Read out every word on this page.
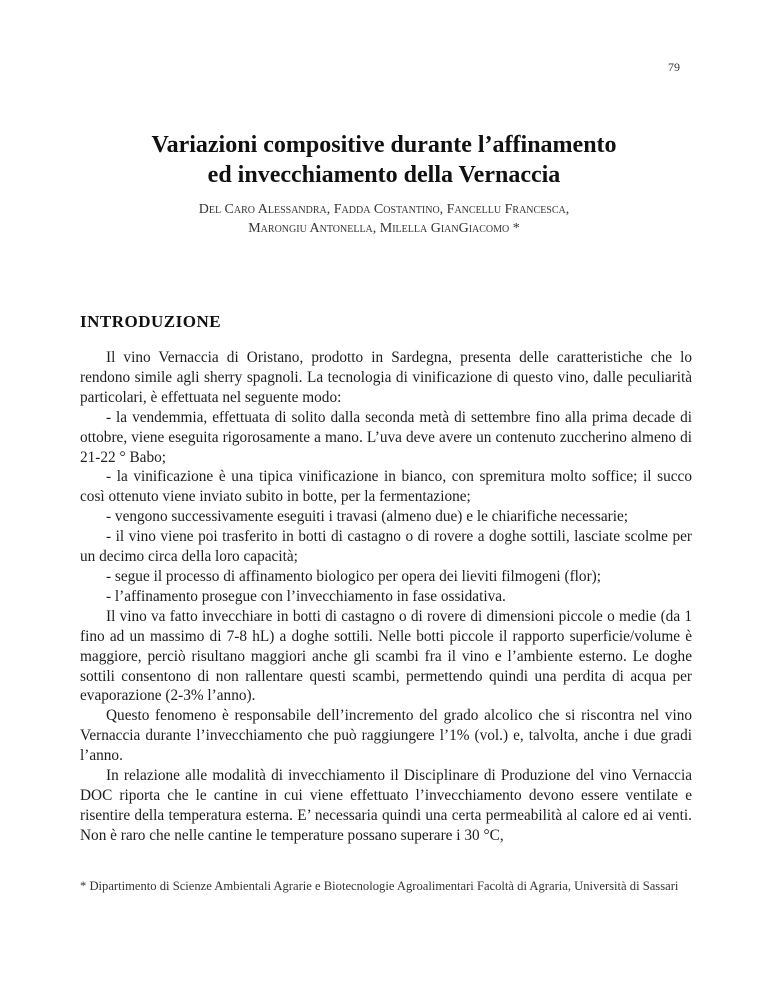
79
Variazioni compositive durante l’affinamento
ed invecchiamento della Vernaccia
Del Caro Alessandra, Fadda Costantino, Fancellu Francesca,
Marongiu Antonella, Milella GianGiacomo *
INTRODUZIONE

Il vino Vernaccia di Oristano, prodotto in Sardegna, presenta delle caratteristiche che lo rendono simile agli sherry spagnoli. La tecnologia di vinificazione di questo vino, dalle peculiarità particolari, è effettuata nel seguente modo:

- la vendemmia, effettuata di solito dalla seconda metà di settembre fino alla prima decade di ottobre, viene eseguita rigorosamente a mano. L’uva deve avere un contenuto zuccherino almeno di 21-22 ° Babo;

- la vinificazione è una tipica vinificazione in bianco, con spremitura molto soffice; il succo così ottenuto viene inviato subito in botte, per la fermentazione;

- vengono successivamente eseguiti i travasi (almeno due) e le chiarifiche necessarie;

- il vino viene poi trasferito in botti di castagno o di rovere a doghe sottili, lasciate scolme per un decimo circa della loro capacità;

- segue il processo di affinamento biologico per opera dei lieviti filmogeni (flor);

- l’affinamento prosegue con l’invecchiamento in fase ossidativa.

Il vino va fatto invecchiare in botti di castagno o di rovere di dimensioni piccole o medie (da 1 fino ad un massimo di 7-8 hL) a doghe sottili. Nelle botti piccole il rapporto superficie/volume è maggiore, perciò risultano maggiori anche gli scambi fra il vino e l’ambiente esterno. Le doghe sottili consentono di non rallentare questi scambi, permettendo quindi una perdita di acqua per evaporazione (2-3% l’anno).

Questo fenomeno è responsabile dell’incremento del grado alcolico che si riscontra nel vino Vernaccia durante l’invecchiamento che può raggiungere l’1% (vol.) e, talvolta, anche i due gradi l’anno.

In relazione alle modalità di invecchiamento il Disciplinare di Produzione del vino Vernaccia DOC riporta che le cantine in cui viene effettuato l’invecchiamento devono essere ventilate e risentire della temperatura esterna. E’ necessaria quindi una certa permeabilità al calore ed ai venti. Non è raro che nelle cantine le temperature possano superare i 30 °C,

* Dipartimento di Scienze Ambientali Agrarie e Biotecnologie Agroalimentari Facoltà di Agraria, Università di Sassari
